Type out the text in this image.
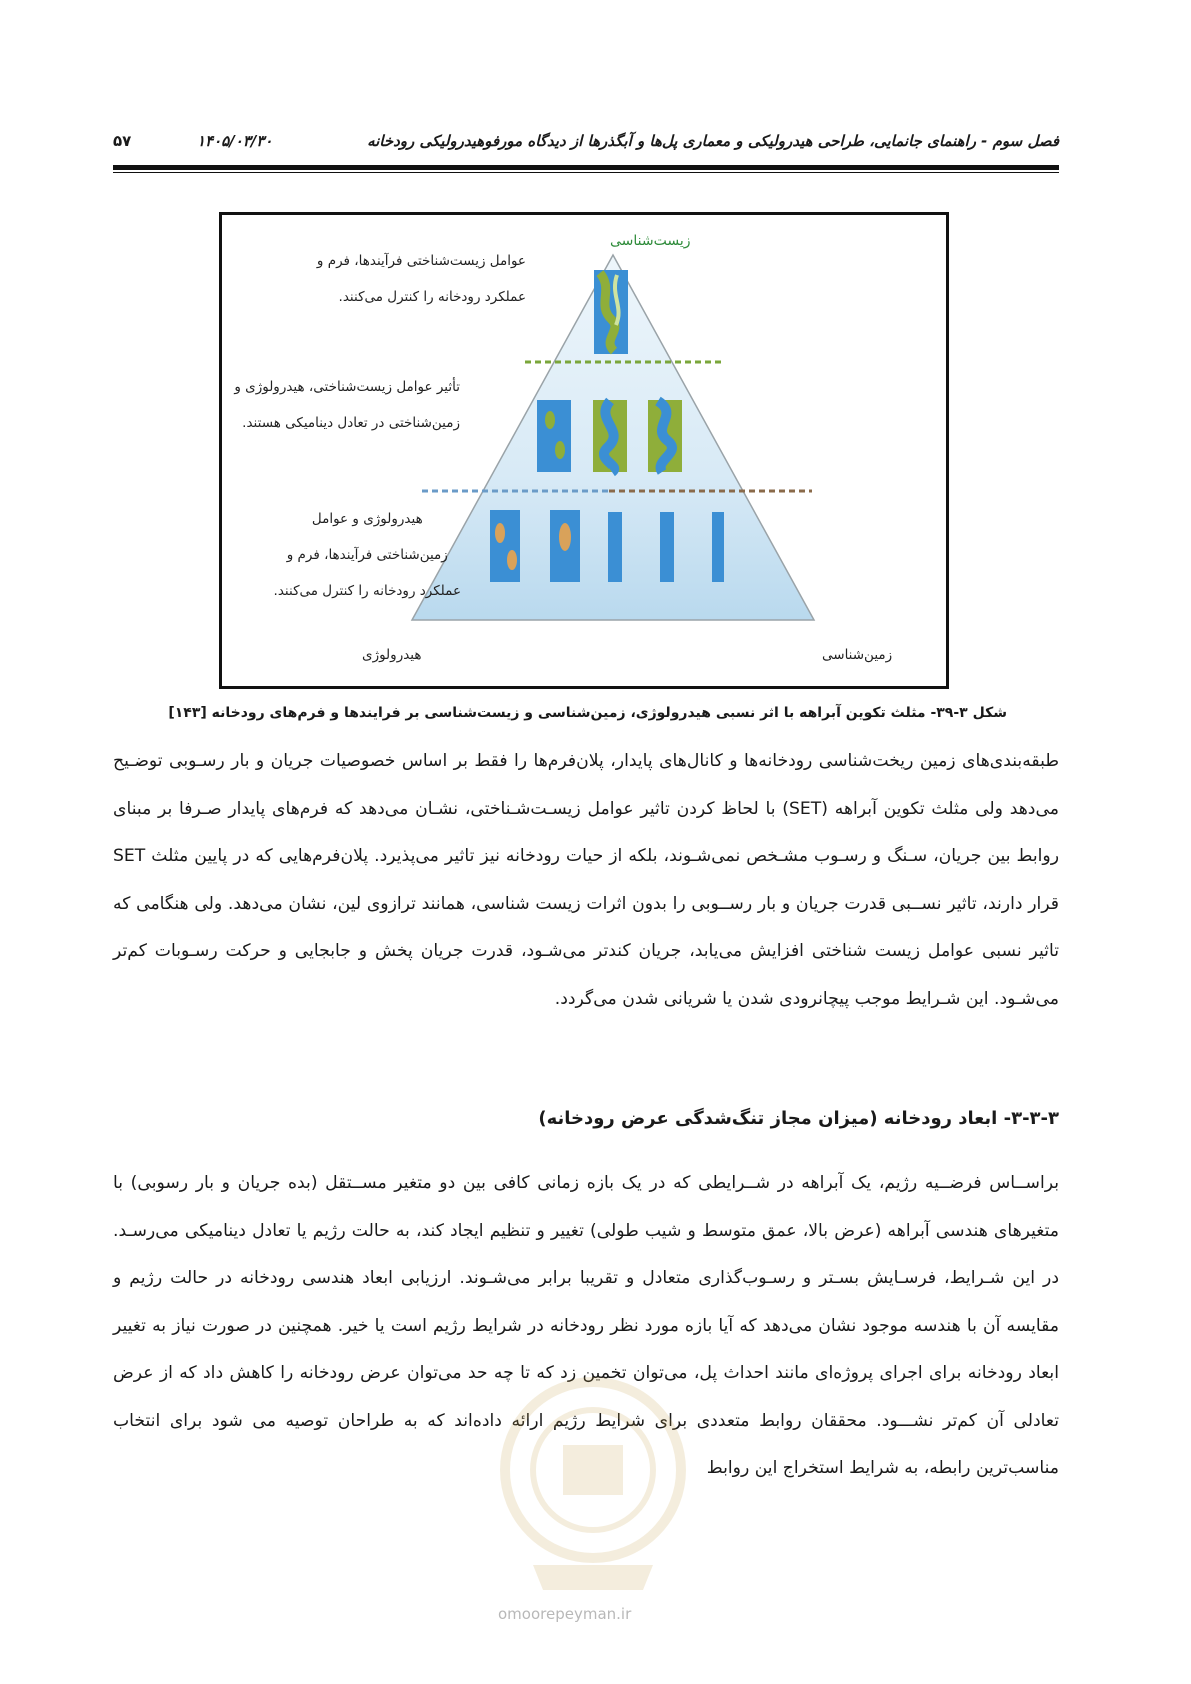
فصل سوم - راهنمای جانمایی، طراحی هیدرولیکی و معماری پل‌ها و آبگذرها از دیدگاه مورفوهیدرولیکی رودخانه
۱۴۰۵/۰۳/۳۰
۵۷
زیست‌شناسی
عوامل زیست‌شناختی فرآیندها، فرم و
عملکرد رودخانه را کنترل می‌کنند.
تأثیر عوامل زیست‌شناختی، هیدرولوژی و
زمین‌شناختی در تعادل دینامیکی هستند.
هیدرولوژی و عوامل
زمین‌شناختی فرآیندها، فرم و
عملکرد رودخانه را کنترل می‌کنند.
هیدرولوژی	زمین‌شناسی
شکل ۳-۳۹- مثلث تکوین آبراهه با اثر نسبی هیدرولوژی، زمین‌شناسی و زیست‌شناسی بر فرایندها و فرم‌های رودخانه [۱۴۳]
طبقه‌بندی‌های زمین ریخت‌شناسی رودخانه‌ها و کانال‌های پایدار، پلان‌فرم‌ها را فقط بر اساس خصوصیات جریان و بار رسـوبی توضـیح می‌دهد ولی مثلث تکوین آبراهه (SET) با لحاظ کردن تاثیر عوامل زیسـت‌شـناختی، نشـان می‌دهد که فرم‌های پایدار صـرفا بر مبنای روابط بین جریان، سـنگ و رسـوب مشـخص نمی‌شـوند، بلکه از حیات رودخانه نیز تاثیر می‌پذیرد. پلان‌فرم‌هایی که در پایین مثلث SET قرار دارند، تاثیر نســبی قدرت جریان و بار رســوبی را بدون اثرات زیست شناسی، همانند ترازوی لین، نشان می‌دهد. ولی هنگامی که تاثیر نسبی عوامل زیست شناختی افزایش می‌یابد، جریان کندتر می‌شـود، قدرت جریان پخش و جابجایی و حرکت رسـوبات کم‌تر می‌شـود. این شـرایط موجب پیچانرودی شدن یا شریانی شدن می‌گردد.
۳-۳-۳- ابعاد رودخانه (میزان مجاز تنگ‌شدگی عرض رودخانه)
براســاس فرضــیه رژیم، یک آبراهه در شــرایطی که در یک بازه زمانی کافی بین دو متغیر مســتقل (بده جریان و بار رسوبی) با متغیرهای هندسی آبراهه (عرض بالا، عمق متوسط و شیب طولی) تغییر و تنظیم ایجاد کند، به حالت رژیم یا تعادل دینامیکی می‌رسـد. در این شـرایط، فرسـایش بسـتر و رسـوب‌گذاری متعادل و تقریبا برابر می‌شـوند. ارزیابی ابعاد هندسی رودخانه در حالت رژیم و مقایسه آن با هندسه موجود نشان می‌دهد که آیا بازه مورد نظر رودخانه در شرایط رژیم است یا خیر. همچنین در صورت نیاز به تغییر ابعاد رودخانه برای اجرای پروژه‌ای مانند احداث پل، می‌توان تخمین زد که تا چه حد می‌توان عرض رودخانه را کاهش داد که از عرض تعادلی آن کم‌تر نشـــود. محققان روابط متعددی برای شرایط رژیم ارائه داده‌اند که به طراحان توصیه می شود برای انتخاب مناسب‌ترین رابطه، به شرایط استخراج این روابط
omoorepeyman.ir
